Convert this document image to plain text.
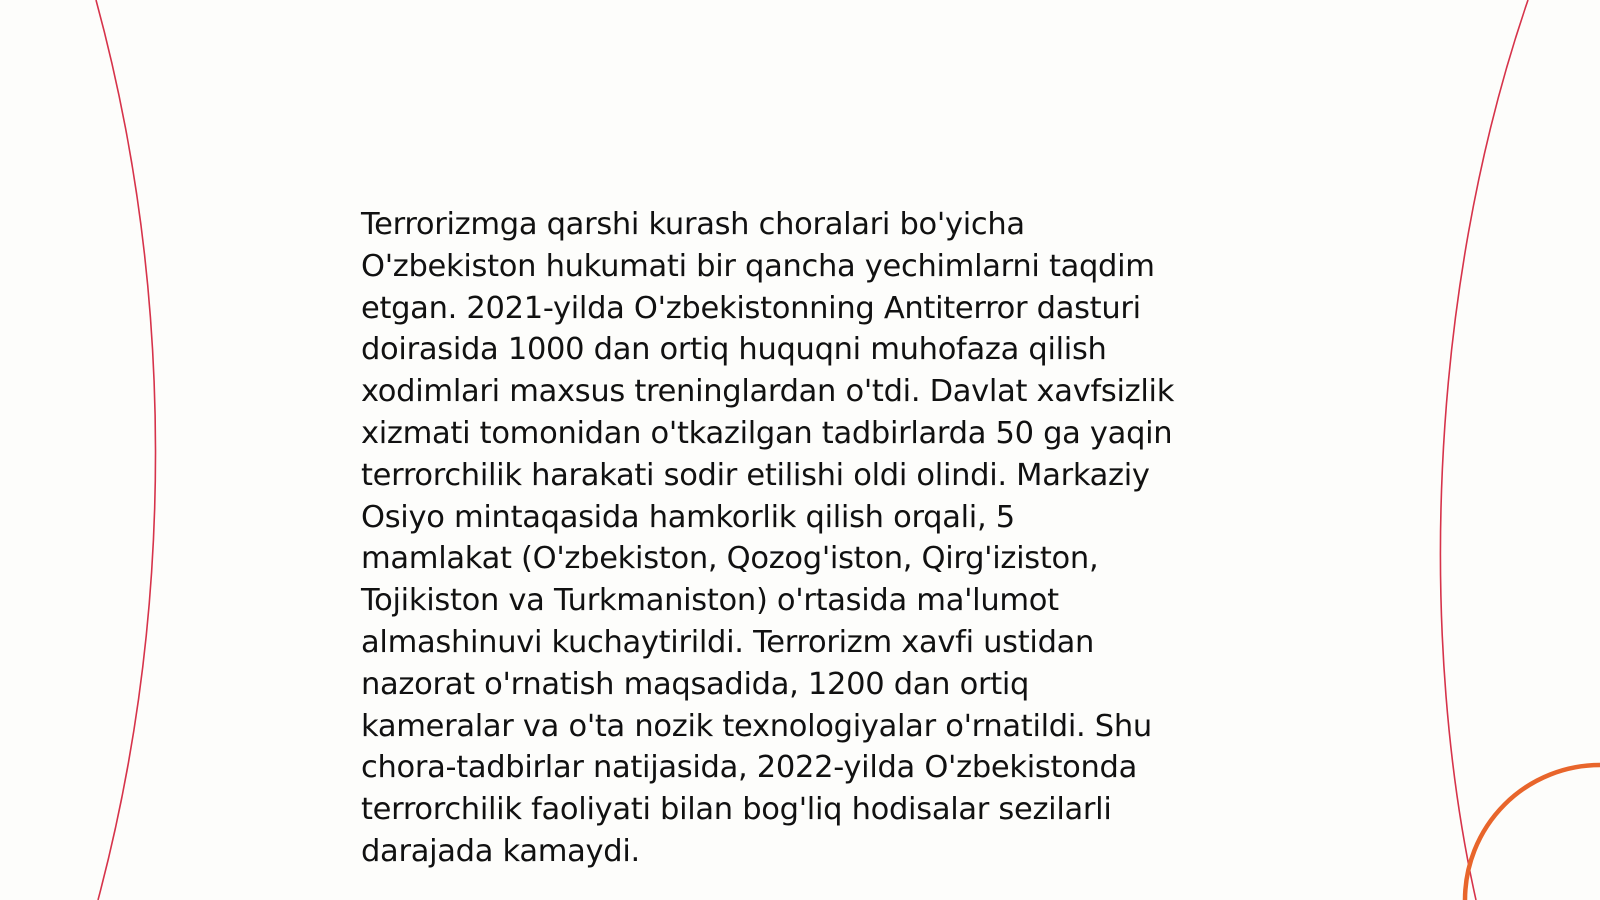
Terrorizmga qarshi kurash choralari bo'yicha
O'zbekiston hukumati bir qancha yechimlarni taqdim
etgan. 2021-yilda O'zbekistonning Antiterror dasturi
doirasida 1000 dan ortiq huquqni muhofaza qilish
xodimlari maxsus treninglardan o'tdi. Davlat xavfsizlik
xizmati tomonidan o'tkazilgan tadbirlarda 50 ga yaqin
terrorchilik harakati sodir etilishi oldi olindi. Markaziy
Osiyo mintaqasida hamkorlik qilish orqali, 5
mamlakat (O'zbekiston, Qozog'iston, Qirg'iziston,
Tojikiston va Turkmaniston) o'rtasida ma'lumot
almashinuvi kuchaytirildi. Terrorizm xavfi ustidan
nazorat o'rnatish maqsadida, 1200 dan ortiq
kameralar va o'ta nozik texnologiyalar o'rnatildi. Shu
chora-tadbirlar natijasida, 2022-yilda O'zbekistonda
terrorchilik faoliyati bilan bog'liq hodisalar sezilarli
darajada kamaydi.
